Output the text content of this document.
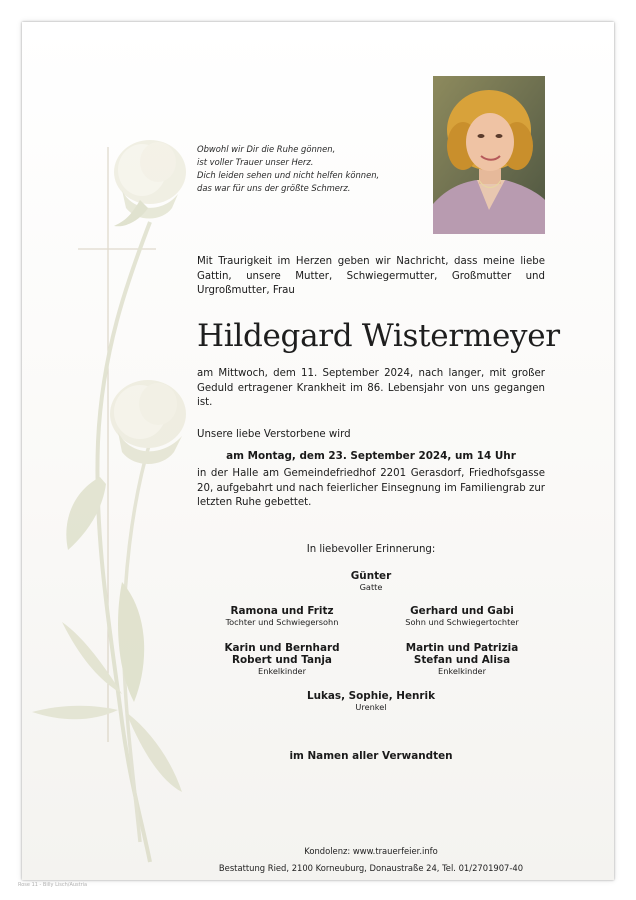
Obwohl wir Dir die Ruhe gönnen,
ist voller Trauer unser Herz.
Dich leiden sehen und nicht helfen können,
das war für uns der größte Schmerz.
Mit Traurigkeit im Herzen geben wir Nachricht, dass meine liebe Gattin, unsere Mutter, Schwiegermutter, Großmutter und Urgroßmutter, Frau
Hildegard Wistermeyer
am Mittwoch, dem 11. September 2024, nach langer, mit großer Geduld ertragener Krankheit im 86. Lebensjahr von uns gegangen ist.
Unsere liebe Verstorbene wird
am Montag, dem 23. September 2024, um 14 Uhr
in der Halle am Gemeindefriedhof 2201 Gerasdorf, Friedhofsgasse 20, aufgebahrt und nach feierlicher Einsegnung im Familiengrab zur letzten Ruhe gebettet.
In liebevoller Erinnerung:
Günter
Gatte
Ramona und Fritz
Tochter und Schwiegersohn
Gerhard und Gabi
Sohn und Schwiegertochter
Karin und Bernhard
Robert und Tanja
Enkelkinder
Martin und Patrizia
Stefan und Alisa
Enkelkinder
Lukas, Sophie, Henrik
Urenkel
im Namen aller Verwandten
Kondolenz: www.trauerfeier.info
Bestattung Ried, 2100 Korneuburg, Donaustraße 24, Tel. 01/2701907-40
Rose 11 - Billy Lisch/Austria
